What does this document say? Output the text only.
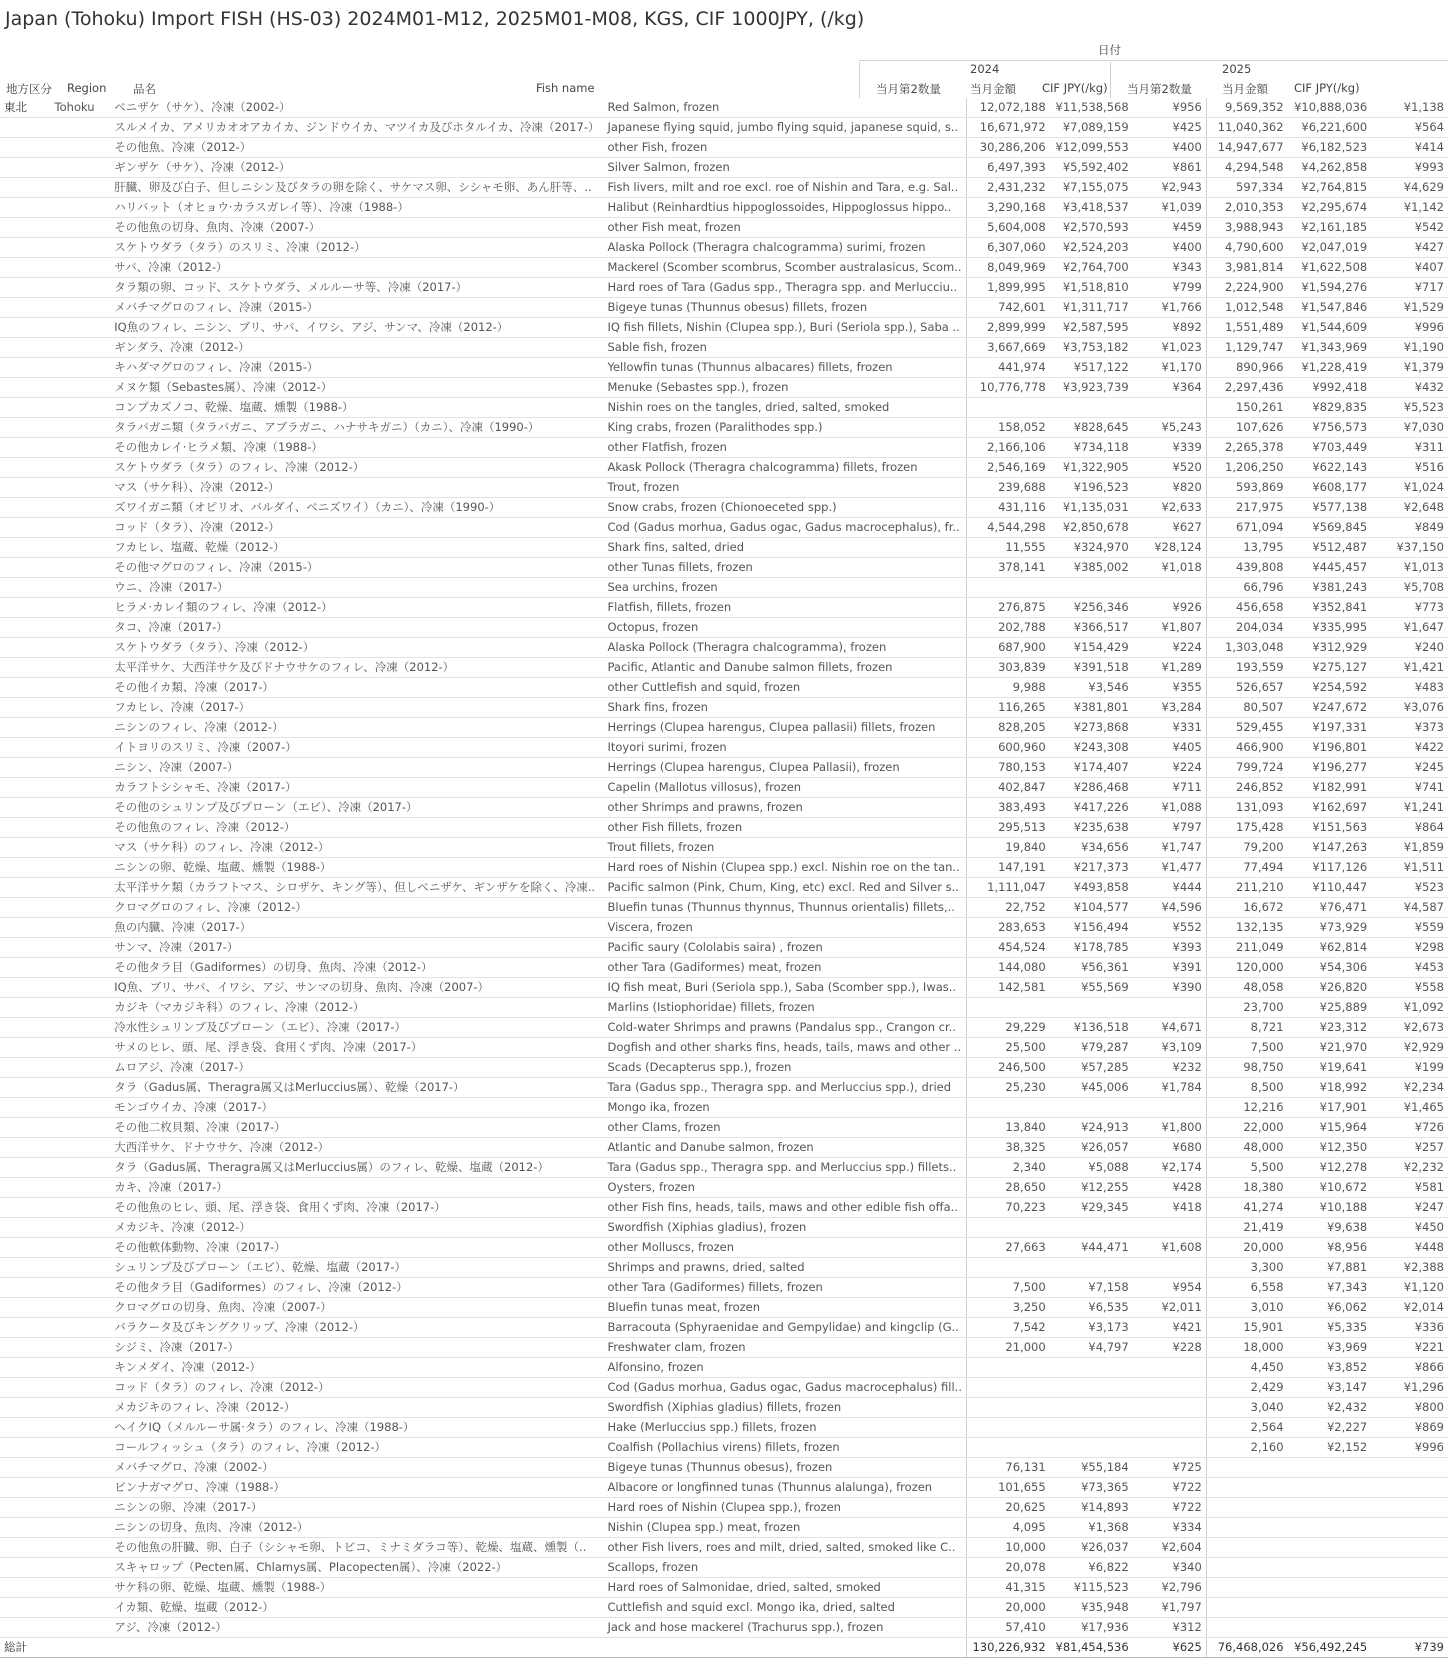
Japan (Tohoku) Import FISH (HS-03) 2024M01-M12, 2025M01-M08, KGS, CIF 1000JPY, (/kg)
日付
2024	2025
地方区分 Region 品名	Fish name	当月第2数量	当月金額 CIF JPY(/kg) 当月第2数量	当月金額 CIF JPY(/kg)
東北	Tohoku	ベニザケ（サケ）、冷凍（2002-）	Red Salmon, frozen	12,072,188	¥11,538,568	¥956	9,569,352	¥10,888,036	¥1,138
		スルメイカ、アメリカオオアカイカ、ジンドウイカ、マツイカ及びホタルイカ、冷凍（2017-）	Japanese flying squid, jumbo flying squid, japanese squid, s..	16,671,972	¥7,089,159	¥425	11,040,362	¥6,221,600	¥564
		その他魚、冷凍（2012-）	other Fish, frozen	30,286,206	¥12,099,553	¥400	14,947,677	¥6,182,523	¥414
		ギンザケ（サケ）、冷凍（2012-）	Silver Salmon, frozen	6,497,393	¥5,592,402	¥861	4,294,548	¥4,262,858	¥993
		肝臓、卵及び白子、但しニシン及びタラの卵を除く、サケマス卵、シシャモ卵、あん肝等、..	Fish livers, milt and roe excl. roe of Nishin and Tara, e.g. Sal..	2,431,232	¥7,155,075	¥2,943	597,334	¥2,764,815	¥4,629
		ハリバット（オヒョウ·カラスガレイ等）、冷凍（1988-）	Halibut (Reinhardtius hippoglossoides, Hippoglossus hippo..	3,290,168	¥3,418,537	¥1,039	2,010,353	¥2,295,674	¥1,142
		その他魚の切身、魚肉、冷凍（2007-）	other Fish meat, frozen	5,604,008	¥2,570,593	¥459	3,988,943	¥2,161,185	¥542
		スケトウダラ（タラ）のスリミ、冷凍（2012-）	Alaska Pollock (Theragra chalcogramma) surimi, frozen	6,307,060	¥2,524,203	¥400	4,790,600	¥2,047,019	¥427
		サバ、冷凍（2012-）	Mackerel (Scomber scombrus, Scomber australasicus, Scom..	8,049,969	¥2,764,700	¥343	3,981,814	¥1,622,508	¥407
		タラ類の卵、コッド、スケトウダラ、メルルーサ等、冷凍（2017-）	Hard roes of Tara (Gadus spp., Theragra spp. and Merlucciu..	1,899,995	¥1,518,810	¥799	2,224,900	¥1,594,276	¥717
		メバチマグロのフィレ、冷凍（2015-）	Bigeye tunas (Thunnus obesus) fillets, frozen	742,601	¥1,311,717	¥1,766	1,012,548	¥1,547,846	¥1,529
		IQ魚のフィレ、ニシン、ブリ、サバ、イワシ、アジ、サンマ、冷凍（2012-）	IQ fish fillets, Nishin (Clupea spp.), Buri (Seriola spp.), Saba ..	2,899,999	¥2,587,595	¥892	1,551,489	¥1,544,609	¥996
		ギンダラ、冷凍（2012-）	Sable fish, frozen	3,667,669	¥3,753,182	¥1,023	1,129,747	¥1,343,969	¥1,190
		キハダマグロのフィレ、冷凍（2015-）	Yellowfin tunas (Thunnus albacares) fillets, frozen	441,974	¥517,122	¥1,170	890,966	¥1,228,419	¥1,379
		メヌケ類（Sebastes属）、冷凍（2012-）	Menuke (Sebastes spp.), frozen	10,776,778	¥3,923,739	¥364	2,297,436	¥992,418	¥432
		コンブカズノコ、乾燥、塩蔵、燻製（1988-）	Nishin roes on the tangles, dried, salted, smoked				150,261	¥829,835	¥5,523
		タラバガニ類（タラバガニ、アブラガニ、ハナサキガニ）（カニ）、冷凍（1990-）	King crabs, frozen (Paralithodes spp.)	158,052	¥828,645	¥5,243	107,626	¥756,573	¥7,030
		その他カレイ·ヒラメ類、冷凍（1988-）	other Flatfish, frozen	2,166,106	¥734,118	¥339	2,265,378	¥703,449	¥311
		スケトウダラ（タラ）のフィレ、冷凍（2012-）	Akask Pollock (Theragra chalcogramma) fillets, frozen	2,546,169	¥1,322,905	¥520	1,206,250	¥622,143	¥516
		マス（サケ科）、冷凍（2012-）	Trout, frozen	239,688	¥196,523	¥820	593,869	¥608,177	¥1,024
		ズワイガニ類（オピリオ、バルダイ、ベニズワイ）（カニ）、冷凍（1990-）	Snow crabs, frozen (Chionoeceted spp.)	431,116	¥1,135,031	¥2,633	217,975	¥577,138	¥2,648
		コッド（タラ）、冷凍（2012-）	Cod (Gadus morhua, Gadus ogac, Gadus macrocephalus), fr..	4,544,298	¥2,850,678	¥627	671,094	¥569,845	¥849
		フカヒレ、塩蔵、乾燥（2012-）	Shark fins, salted, dried	11,555	¥324,970	¥28,124	13,795	¥512,487	¥37,150
		その他マグロのフィレ、冷凍（2015-）	other Tunas fillets, frozen	378,141	¥385,002	¥1,018	439,808	¥445,457	¥1,013
		ウニ、冷凍（2017-）	Sea urchins, frozen				66,796	¥381,243	¥5,708
		ヒラメ·カレイ類のフィレ、冷凍（2012-）	Flatfish, fillets, frozen	276,875	¥256,346	¥926	456,658	¥352,841	¥773
		タコ、冷凍（2017-）	Octopus, frozen	202,788	¥366,517	¥1,807	204,034	¥335,995	¥1,647
		スケトウダラ（タラ）、冷凍（2012-）	Alaska Pollock (Theragra chalcogramma), frozen	687,900	¥154,429	¥224	1,303,048	¥312,929	¥240
		太平洋サケ、大西洋サケ及びドナウサケのフィレ、冷凍（2012-）	Pacific, Atlantic and Danube salmon fillets, frozen	303,839	¥391,518	¥1,289	193,559	¥275,127	¥1,421
		その他イカ類、冷凍（2017-）	other Cuttlefish and squid, frozen	9,988	¥3,546	¥355	526,657	¥254,592	¥483
		フカヒレ、冷凍（2017-）	Shark fins, frozen	116,265	¥381,801	¥3,284	80,507	¥247,672	¥3,076
		ニシンのフィレ、冷凍（2012-）	Herrings (Clupea harengus, Clupea pallasii) fillets, frozen	828,205	¥273,868	¥331	529,455	¥197,331	¥373
		イトヨリのスリミ、冷凍（2007-）	Itoyori surimi, frozen	600,960	¥243,308	¥405	466,900	¥196,801	¥422
		ニシン、冷凍（2007-）	Herrings (Clupea harengus, Clupea Pallasii), frozen	780,153	¥174,407	¥224	799,724	¥196,277	¥245
		カラフトシシャモ、冷凍（2017-）	Capelin (Mallotus villosus), frozen	402,847	¥286,468	¥711	246,852	¥182,991	¥741
		その他のシュリンプ及びプローン（エビ）、冷凍（2017-）	other Shrimps and prawns, frozen	383,493	¥417,226	¥1,088	131,093	¥162,697	¥1,241
		その他魚のフィレ、冷凍（2012-）	other Fish fillets, frozen	295,513	¥235,638	¥797	175,428	¥151,563	¥864
		マス（サケ科）のフィレ、冷凍（2012-）	Trout fillets, frozen	19,840	¥34,656	¥1,747	79,200	¥147,263	¥1,859
		ニシンの卵、乾燥、塩蔵、燻製（1988-）	Hard roes of Nishin (Clupea spp.) excl. Nishin roe on the tan..	147,191	¥217,373	¥1,477	77,494	¥117,126	¥1,511
		太平洋サケ類（カラフトマス、シロザケ、キング等）、但しベニザケ、ギンザケを除く、冷凍..	Pacific salmon (Pink, Chum, King, etc) excl. Red and Silver s..	1,111,047	¥493,858	¥444	211,210	¥110,447	¥523
		クロマグロのフィレ、冷凍（2012-）	Bluefin tunas (Thunnus thynnus, Thunnus orientalis) fillets,..	22,752	¥104,577	¥4,596	16,672	¥76,471	¥4,587
		魚の内臓、冷凍（2017-）	Viscera, frozen	283,653	¥156,494	¥552	132,135	¥73,929	¥559
		サンマ、冷凍（2017-）	Pacific saury (Cololabis saira) , frozen	454,524	¥178,785	¥393	211,049	¥62,814	¥298
		その他タラ目（Gadiformes）の切身、魚肉、冷凍（2012-）	other Tara (Gadiformes) meat, frozen	144,080	¥56,361	¥391	120,000	¥54,306	¥453
		IQ魚、ブリ、サバ、イワシ、アジ、サンマの切身、魚肉、冷凍（2007-）	IQ fish meat, Buri (Seriola spp.), Saba (Scomber spp.), Iwas..	142,581	¥55,569	¥390	48,058	¥26,820	¥558
		カジキ（マカジキ科）のフィレ、冷凍（2012-）	Marlins (Istiophoridae) fillets, frozen				23,700	¥25,889	¥1,092
		冷水性シュリンプ及びプローン（エビ）、冷凍（2017-）	Cold-water Shrimps and prawns (Pandalus spp., Crangon cr..	29,229	¥136,518	¥4,671	8,721	¥23,312	¥2,673
		サメのヒレ、頭、尾、浮き袋、食用くず肉、冷凍（2017-）	Dogfish and other sharks fins, heads, tails, maws and other ..	25,500	¥79,287	¥3,109	7,500	¥21,970	¥2,929
		ムロアジ、冷凍（2017-）	Scads (Decapterus spp.), frozen	246,500	¥57,285	¥232	98,750	¥19,641	¥199
		タラ（Gadus属、Theragra属又はMerluccius属）、乾燥（2017-）	Tara (Gadus spp., Theragra spp. and Merluccius spp.), dried	25,230	¥45,006	¥1,784	8,500	¥18,992	¥2,234
		モンゴウイカ、冷凍（2017-）	Mongo ika, frozen				12,216	¥17,901	¥1,465
		その他二枚貝類、冷凍（2017-）	other Clams, frozen	13,840	¥24,913	¥1,800	22,000	¥15,964	¥726
		大西洋サケ、ドナウサケ、冷凍（2012-）	Atlantic and Danube salmon, frozen	38,325	¥26,057	¥680	48,000	¥12,350	¥257
		タラ（Gadus属、Theragra属又はMerluccius属）のフィレ、乾燥、塩蔵（2012-）	Tara (Gadus spp., Theragra spp. and Merluccius spp.) fillets..	2,340	¥5,088	¥2,174	5,500	¥12,278	¥2,232
		カキ、冷凍（2017-）	Oysters, frozen	28,650	¥12,255	¥428	18,380	¥10,672	¥581
		その他魚のヒレ、頭、尾、浮き袋、食用くず肉、冷凍（2017-）	other Fish fins, heads, tails, maws and other edible fish offa..	70,223	¥29,345	¥418	41,274	¥10,188	¥247
		メカジキ、冷凍（2012-）	Swordfish (Xiphias gladius), frozen				21,419	¥9,638	¥450
		その他軟体動物、冷凍（2017-）	other Molluscs, frozen	27,663	¥44,471	¥1,608	20,000	¥8,956	¥448
		シュリンプ及びプローン（エビ）、乾燥、塩蔵（2017-）	Shrimps and prawns, dried, salted				3,300	¥7,881	¥2,388
		その他タラ目（Gadiformes）のフィレ、冷凍（2012-）	other Tara (Gadiformes) fillets, frozen	7,500	¥7,158	¥954	6,558	¥7,343	¥1,120
		クロマグロの切身、魚肉、冷凍（2007-）	Bluefin tunas meat, frozen	3,250	¥6,535	¥2,011	3,010	¥6,062	¥2,014
		バラクータ及びキングクリップ、冷凍（2012-）	Barracouta (Sphyraenidae and Gempylidae) and kingclip (G..	7,542	¥3,173	¥421	15,901	¥5,335	¥336
		シジミ、冷凍（2017-）	Freshwater clam, frozen	21,000	¥4,797	¥228	18,000	¥3,969	¥221
		キンメダイ、冷凍（2012-）	Alfonsino, frozen				4,450	¥3,852	¥866
		コッド（タラ）のフィレ、冷凍（2012-）	Cod (Gadus morhua, Gadus ogac, Gadus macrocephalus) fill..				2,429	¥3,147	¥1,296
		メカジキのフィレ、冷凍（2012-）	Swordfish (Xiphias gladius) fillets, frozen				3,040	¥2,432	¥800
		ヘイクIQ（メルルーサ属·タラ）のフィレ、冷凍（1988-）	Hake (Merluccius spp.) fillets, frozen				2,564	¥2,227	¥869
		コールフィッシュ（タラ）のフィレ、冷凍（2012-）	Coalfish (Pollachius virens) fillets, frozen				2,160	¥2,152	¥996
		メバチマグロ、冷凍（2002-）	Bigeye tunas (Thunnus obesus), frozen	76,131	¥55,184	¥725			
		ビンナガマグロ、冷凍（1988-）	Albacore or longfinned tunas (Thunnus alalunga), frozen	101,655	¥73,365	¥722			
		ニシンの卵、冷凍（2017-）	Hard roes of Nishin (Clupea spp.), frozen	20,625	¥14,893	¥722			
		ニシンの切身、魚肉、冷凍（2012-）	Nishin (Clupea spp.) meat, frozen	4,095	¥1,368	¥334			
		その他魚の肝臓、卵、白子（シシャモ卵、トビコ、ミナミダラコ等）、乾燥、塩蔵、燻製（..	other Fish livers, roes and milt, dried, salted, smoked like C..	10,000	¥26,037	¥2,604			
		スキャロップ（Pecten属、Chlamys属、Placopecten属）、冷凍（2022-）	Scallops, frozen	20,078	¥6,822	¥340			
		サケ科の卵、乾燥、塩蔵、燻製（1988-）	Hard roes of Salmonidae, dried, salted, smoked	41,315	¥115,523	¥2,796			
		イカ類、乾燥、塩蔵（2012-）	Cuttlefish and squid excl. Mongo ika, dried, salted	20,000	¥35,948	¥1,797			
		アジ、冷凍（2012-）	Jack and hose mackerel (Trachurus spp.), frozen	57,410	¥17,936	¥312			
総計				130,226,932	¥81,454,536	¥625	76,468,026	¥56,492,245	¥739
